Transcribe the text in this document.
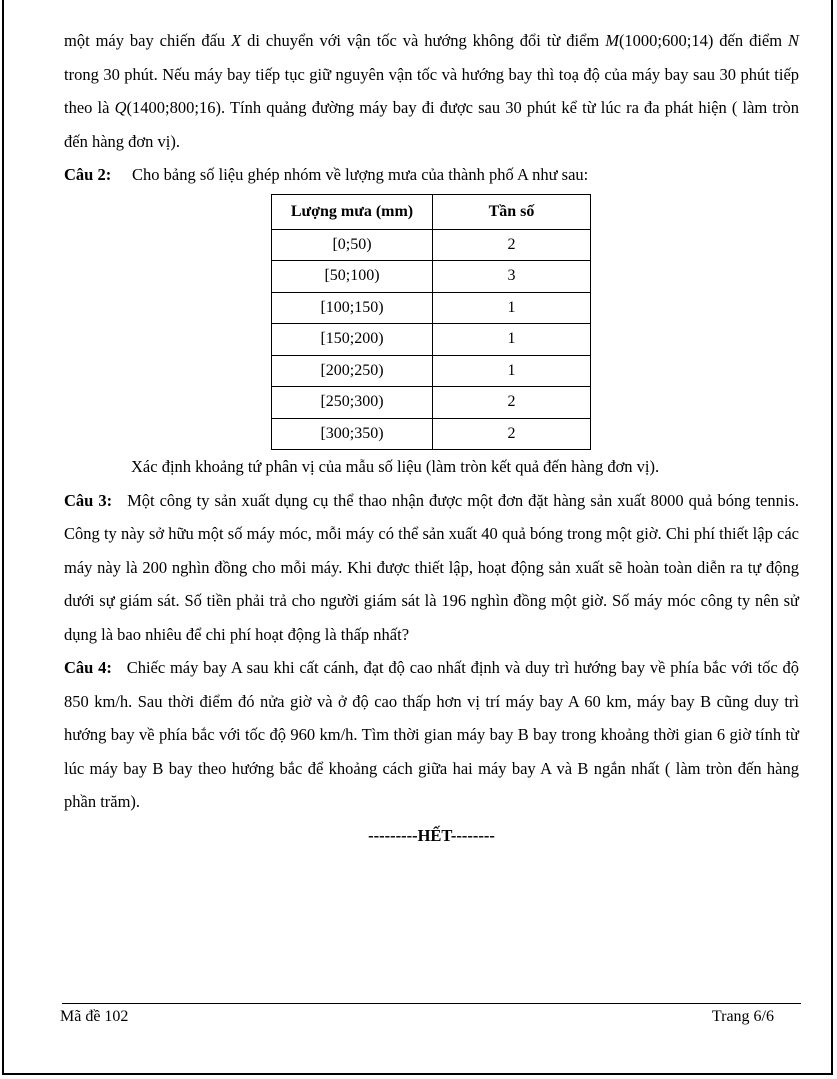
một máy bay chiến đấu X di chuyển với vận tốc và hướng không đổi từ điểm M(1000;600;14) đến điểm N trong 30 phút. Nếu máy bay tiếp tục giữ nguyên vận tốc và hướng bay thì toạ độ của máy bay sau 30 phút tiếp theo là Q(1400;800;16). Tính quảng đường máy bay đi được sau 30 phút kể từ lúc ra đa phát hiện ( làm tròn đến hàng đơn vị).

Câu 2:	Cho bảng số liệu ghép nhóm về lượng mưa của thành phố A như sau:
Lượng mưa (mm)	Tần số
[0;50)	2
[50;100)	3
[100;150)	1
[150;200)	1
[200;250)	1
[250;300)	2
[300;350)	2

Xác định khoảng tứ phân vị của mẫu số liệu (làm tròn kết quả đến hàng đơn vị).

Câu 3: Một công ty sản xuất dụng cụ thể thao nhận được một đơn đặt hàng sản xuất 8000 quả bóng tennis. Công ty này sở hữu một số máy móc, mỗi máy có thể sản xuất 40 quả bóng trong một giờ. Chi phí thiết lập các máy này là 200 nghìn đồng cho mỗi máy. Khi được thiết lập, hoạt động sản xuất sẽ hoàn toàn diễn ra tự động dưới sự giám sát. Số tiền phải trả cho người giám sát là 196 nghìn đồng một giờ. Số máy móc công ty nên sử dụng là bao nhiêu để chi phí hoạt động là thấp nhất?

Câu 4: Chiếc máy bay A sau khi cất cánh, đạt độ cao nhất định và duy trì hướng bay về phía bắc với tốc độ 850 km/h. Sau thời điểm đó nửa giờ và ở độ cao thấp hơn vị trí máy bay A 60 km, máy bay B cũng duy trì hướng bay về phía bắc với tốc độ 960 km/h. Tìm thời gian máy bay B bay trong khoảng thời gian 6 giờ tính từ lúc máy bay B bay theo hướng bắc để khoảng cách giữa hai máy bay A và B ngắn nhất ( làm tròn đến hàng phần trăm).

---------HẾT--------

Mã đề 102	Trang 6/6
